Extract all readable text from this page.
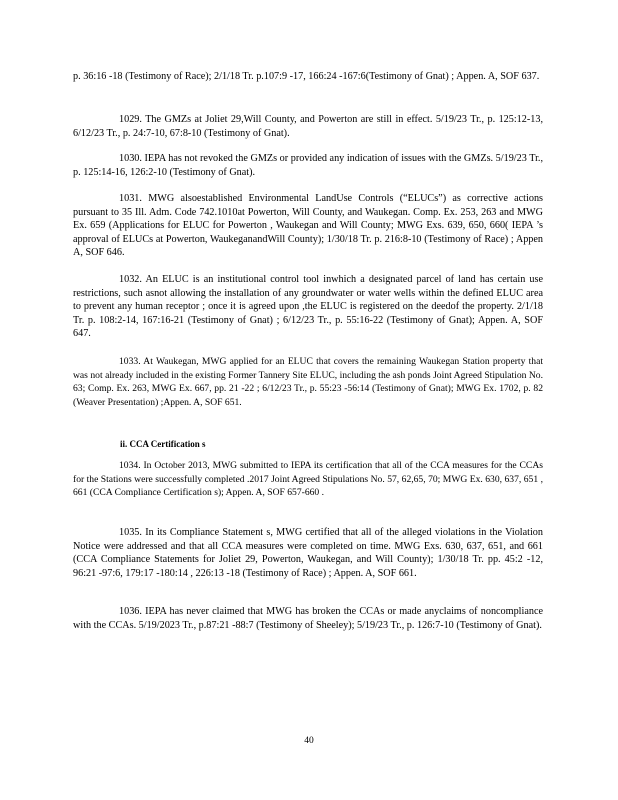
p. 36:16 -18 (Testimony of Race); 2/1/18 Tr. p.107:9 -17, 166:24 -167:6(Testimony of Gnat) ; Appen. A, SOF 637.

1029. The GMZs at Joliet 29,Will County, and Powerton are still in effect. 5/19/23 Tr., p. 125:12-13, 6/12/23 Tr., p. 24:7-10, 67:8-10 (Testimony of Gnat).

1030. IEPA has not revoked the GMZs or provided any indication of issues with the GMZs. 5/19/23 Tr., p. 125:14-16, 126:2-10 (Testimony of Gnat).

1031. MWG alsoestablished Environmental LandUse Controls (“ELUCs”) as corrective actions pursuant to 35 Ill. Adm. Code 742.1010at Powerton, Will County, and Waukegan. Comp. Ex. 253, 263 and MWG Ex. 659 (Applications for ELUC for Powerton , Waukegan and Will County; MWG Exs. 639, 650, 660( IEPA ’s approval of ELUCs at Powerton, WaukeganandWill County); 1/30/18 Tr. p. 216:8-10 (Testimony of Race) ; Appen A, SOF 646.

1032. An ELUC is an institutional control tool inwhich a designated parcel of land has certain use restrictions, such asnot allowing the installation of any groundwater or water wells within the defined ELUC area to prevent any human receptor ; once it is agreed upon ,the ELUC is registered on the deedof the property. 2/1/18 Tr. p. 108:2-14, 167:16-21 (Testimony of Gnat) ; 6/12/23 Tr., p. 55:16-22 (Testimony of Gnat); Appen. A, SOF 647.

1033. At Waukegan, MWG applied for an ELUC that covers the remaining Waukegan Station property that was not already included in the existing Former Tannery Site ELUC, including the ash ponds Joint Agreed Stipulation No. 63; Comp. Ex. 263, MWG Ex. 667, pp. 21 -22 ; 6/12/23 Tr., p. 55:23 -56:14 (Testimony of Gnat); MWG Ex. 1702, p. 82 (Weaver Presentation) ;Appen. A, SOF 651.

ii. CCA Certification s

1034. In October 2013, MWG submitted to IEPA its certification that all of the CCA measures for the CCAs for the Stations were successfully completed .2017 Joint Agreed Stipulations No. 57, 62,65, 70; MWG Ex. 630, 637, 651 , 661 (CCA Compliance Certification s); Appen. A, SOF 657-660 .

1035. In its Compliance Statement s, MWG certified that all of the alleged violations in the Violation Notice were addressed and that all CCA measures were completed on time. MWG Exs. 630, 637, 651, and 661 (CCA Compliance Statements for Joliet 29, Powerton, Waukegan, and Will County); 1/30/18 Tr. pp. 45:2 -12, 96:21 -97:6, 179:17 -180:14 , 226:13 -18 (Testimony of Race) ; Appen. A, SOF 661.

1036. IEPA has never claimed that MWG has broken the CCAs or made anyclaims of noncompliance with the CCAs. 5/19/2023 Tr., p.87:21 -88:7 (Testimony of Sheeley); 5/19/23 Tr., p. 126:7-10 (Testimony of Gnat).

40
